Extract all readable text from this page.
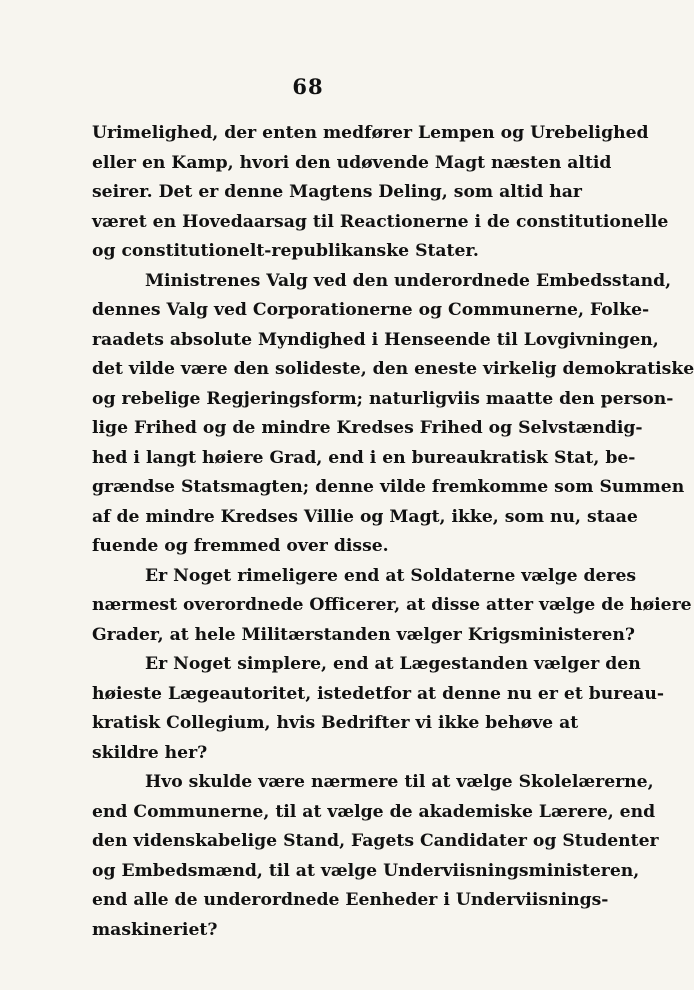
68
Urimelighed, der enten medfører Lempen og Urebelighed
eller en Kamp, hvori den udøvende Magt næsten altid
seirer. Det er denne Magtens Deling, som altid har
været en Hovedaarsag til Reactionerne i de constitutionelle
og constitutionelt-republikanske Stater.
Ministrenes Valg ved den underordnede Embedsstand,
dennes Valg ved Corporationerne og Communerne, Folke-
raadets absolute Myndighed i Henseende til Lovgivningen,
det vilde være den solideste, den eneste virkelig demokratiske
og rebelige Regjeringsform; naturligviis maatte den person-
lige Frihed og de mindre Kredses Frihed og Selvstændig-
hed i langt høiere Grad, end i en bureaukratisk Stat, be-
grændse Statsmagten; denne vilde fremkomme som Summen
af de mindre Kredses Villie og Magt, ikke, som nu, staae
fuende og fremmed over disse.
Er Noget rimeligere end at Soldaterne vælge deres
nærmest overordnede Officerer, at disse atter vælge de høiere
Grader, at hele Militærstanden vælger Krigsministeren?
Er Noget simplere, end at Lægestanden vælger den
høieste Lægeautoritet, istedetfor at denne nu er et bureau-
kratisk Collegium, hvis Bedrifter vi ikke behøve at
skildre her?
Hvo skulde være nærmere til at vælge Skolelærerne,
end Communerne, til at vælge de akademiske Lærere, end
den videnskabelige Stand, Fagets Candidater og Studenter
og Embedsmænd, til at vælge Underviisningsministeren,
end alle de underordnede Eenheder i Underviisnings-
maskineriet?
